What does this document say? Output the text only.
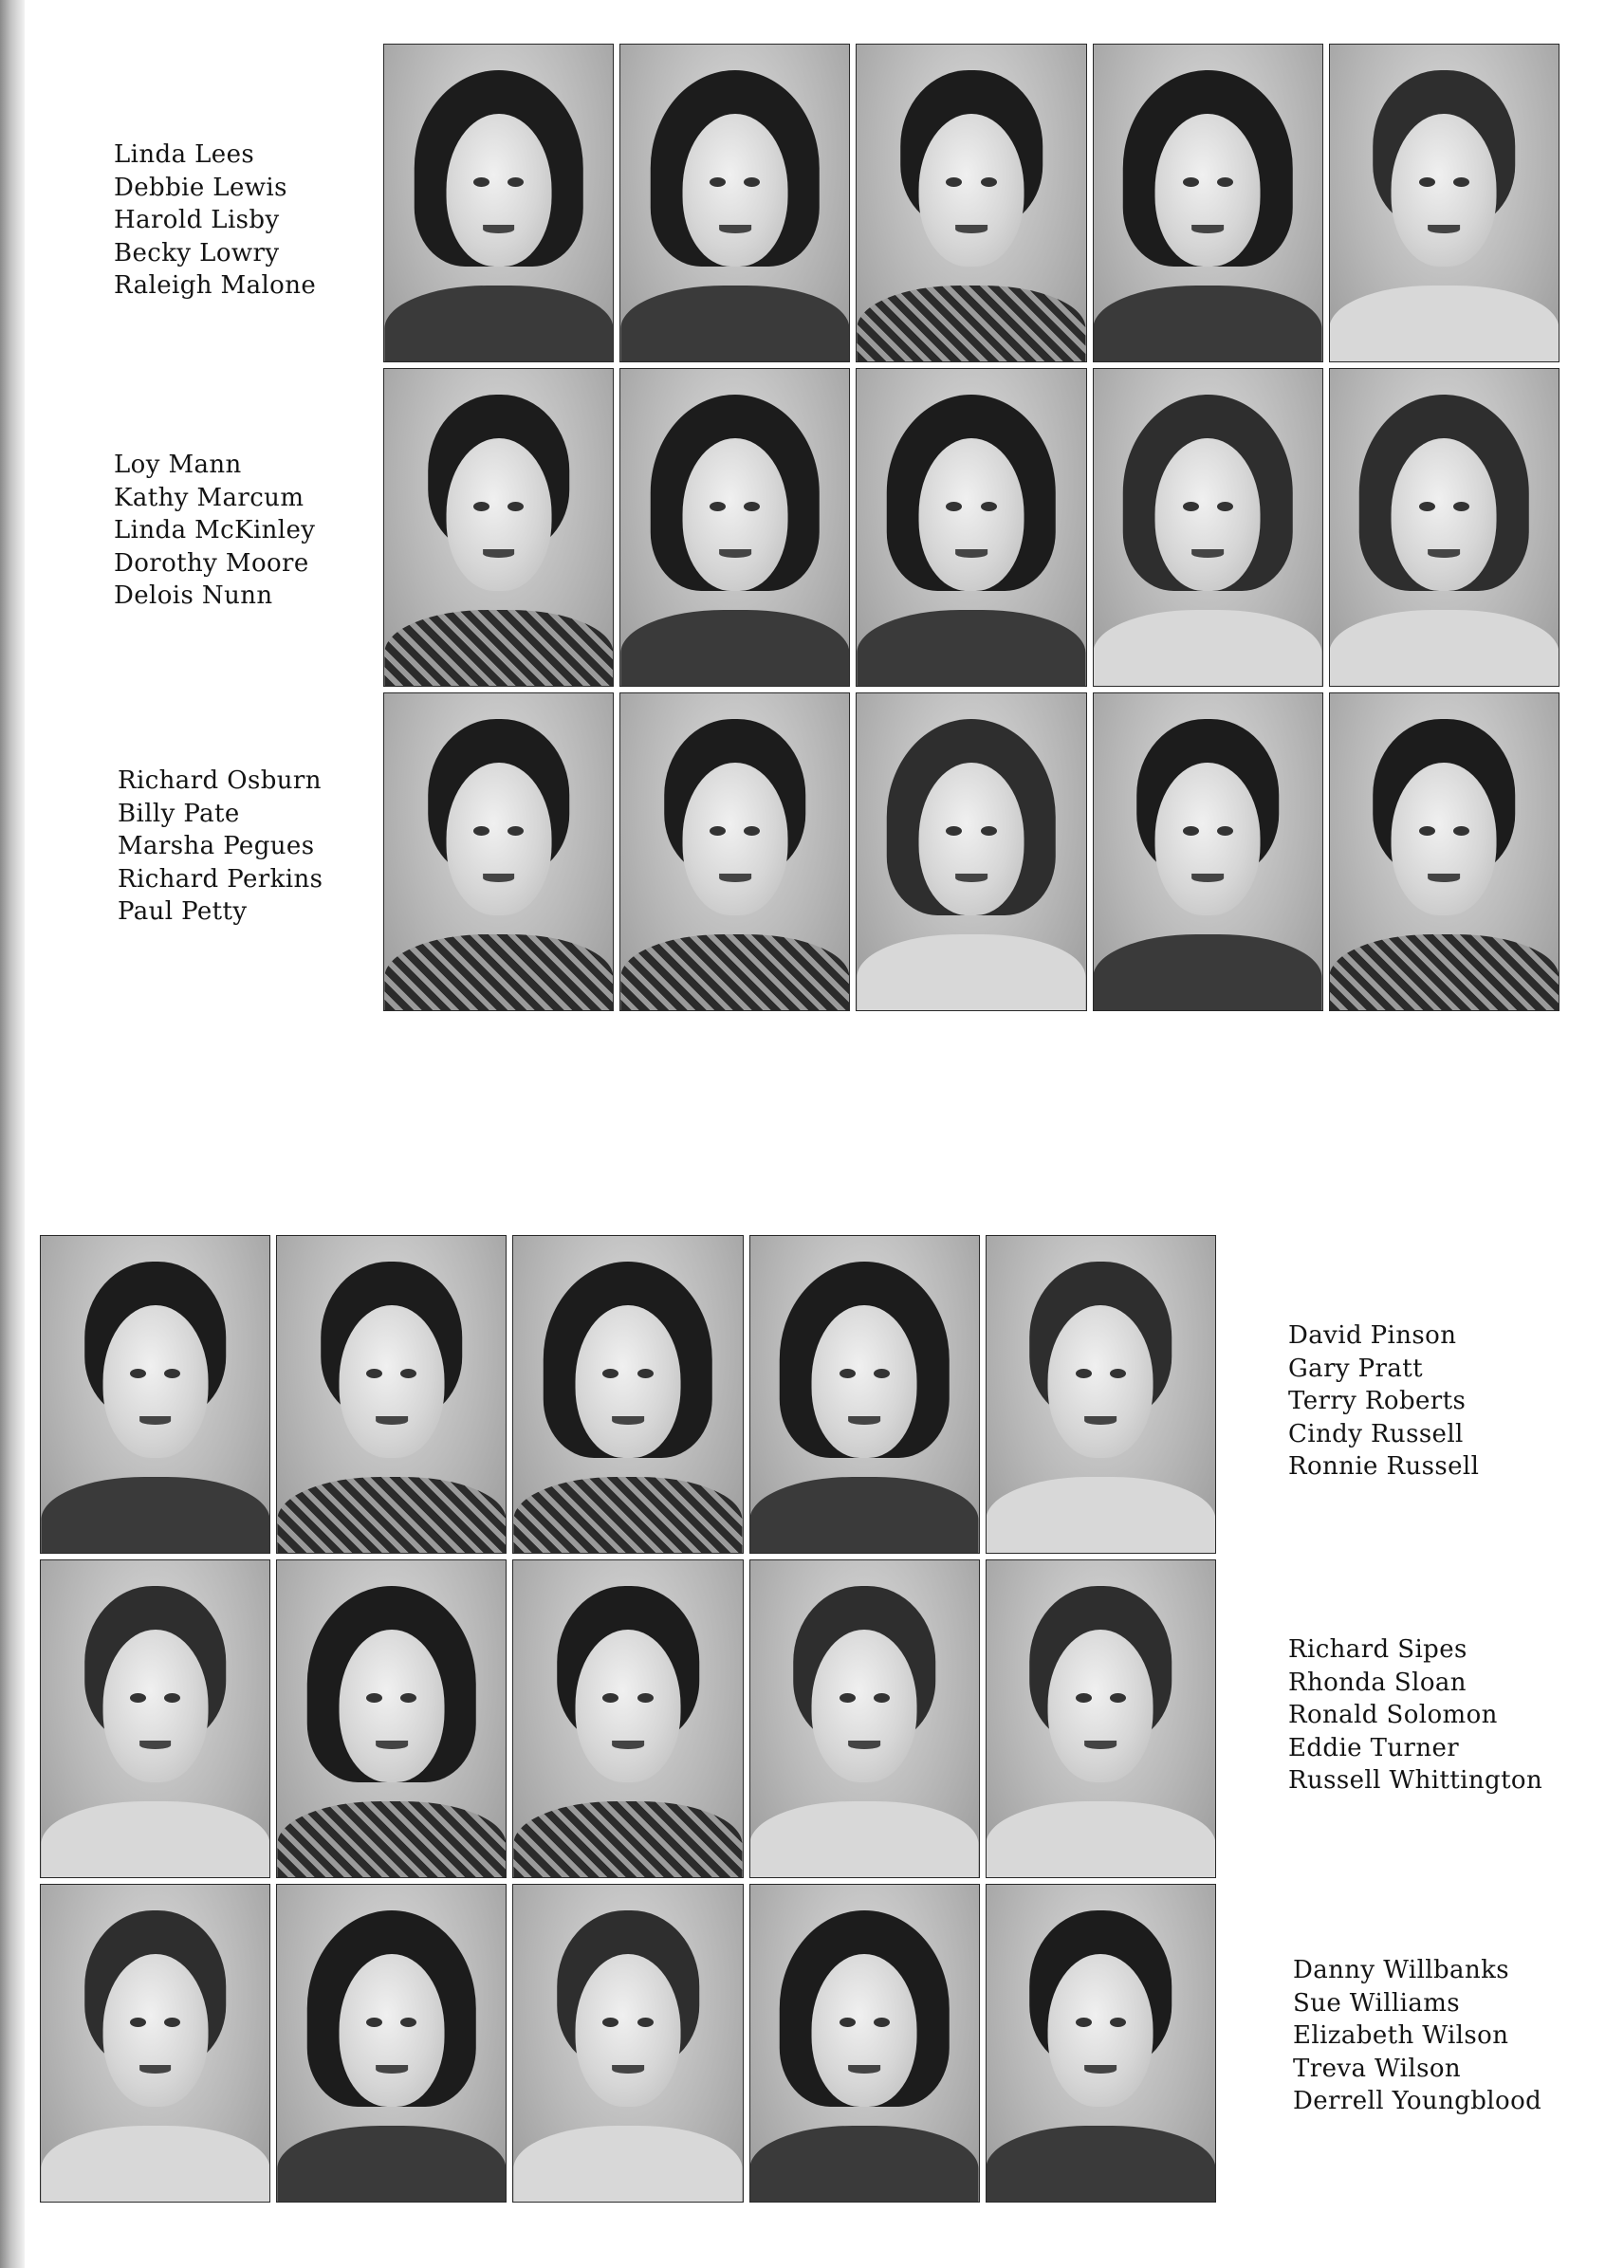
Linda Lees
Debbie Lewis
Harold Lisby
Becky Lowry
Raleigh Malone
Loy Mann
Kathy Marcum
Linda McKinley
Dorothy Moore
Delois Nunn
Richard Osburn
Billy Pate
Marsha Pegues
Richard Perkins
Paul Petty
David Pinson
Gary Pratt
Terry Roberts
Cindy Russell
Ronnie Russell
Richard Sipes
Rhonda Sloan
Ronald Solomon
Eddie Turner
Russell Whittington
Danny Willbanks
Sue Williams
Elizabeth Wilson
Treva Wilson
Derrell Youngblood
